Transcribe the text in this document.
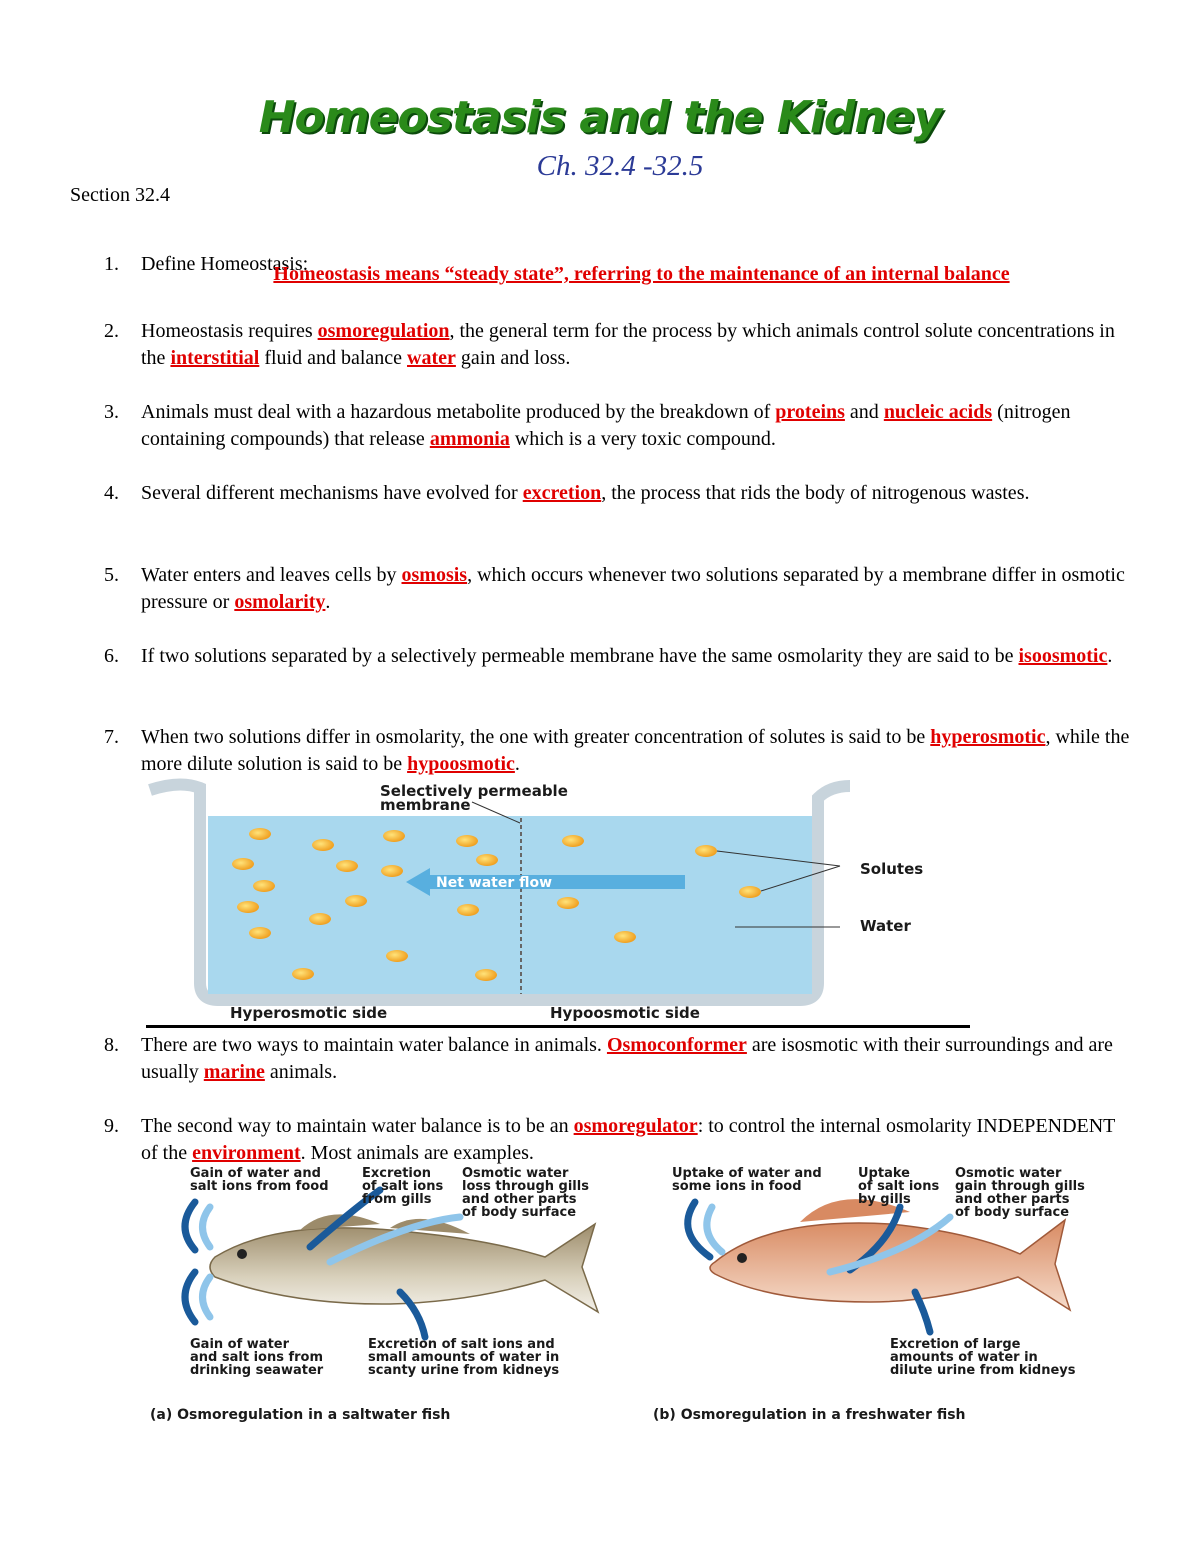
Homeostasis and the Kidney
Ch. 32.4 -32.5
Section 32.4
1. Define Homeostasis:
Homeostasis means “steady state”, referring to the maintenance of an internal balance
2. Homeostasis requires osmoregulation, the general term for the process by which animals control solute concentrations in the interstitial fluid and balance water gain and loss.
3. Animals must deal with a hazardous metabolite produced by the breakdown of proteins and nucleic acids (nitrogen containing compounds) that release ammonia which is a very toxic compound.
4. Several different mechanisms have evolved for excretion, the process that rids the body of nitrogenous wastes.
5. Water enters and leaves cells by osmosis, which occurs whenever two solutions separated by a membrane differ in osmotic pressure or osmolarity.
6. If two solutions separated by a selectively permeable membrane have the same osmolarity they are said to be isoosmotic.
7. When two solutions differ in osmolarity, the one with greater concentration of solutes is said to be hyperosmotic, while the more dilute solution is said to be hypoosmotic.
Net water flow
Selectively permeable
membrane
Solutes
Water
Hyperosmotic side	Hypoosmotic side
8. There are two ways to maintain water balance in animals. Osmoconformer are isosmotic with their surroundings and are usually marine animals.
9. The second way to maintain water balance is to be an osmoregulator: to control the internal osmolarity INDEPENDENT of the environment. Most animals are examples.
Gain of water and salt ions from food
Excretion of salt ions from gills
Osmotic water loss through gills and other parts of body surface
Gain of water and salt ions from drinking seawater
Excretion of salt ions and small amounts of water in scanty urine from kidneys
Uptake of water and some ions in food
Uptake of salt ions by gills
Osmotic water gain through gills and other parts of body surface
Excretion of large amounts of water in dilute urine from kidneys
(a) Osmoregulation in a saltwater fish	(b) Osmoregulation in a freshwater fish
